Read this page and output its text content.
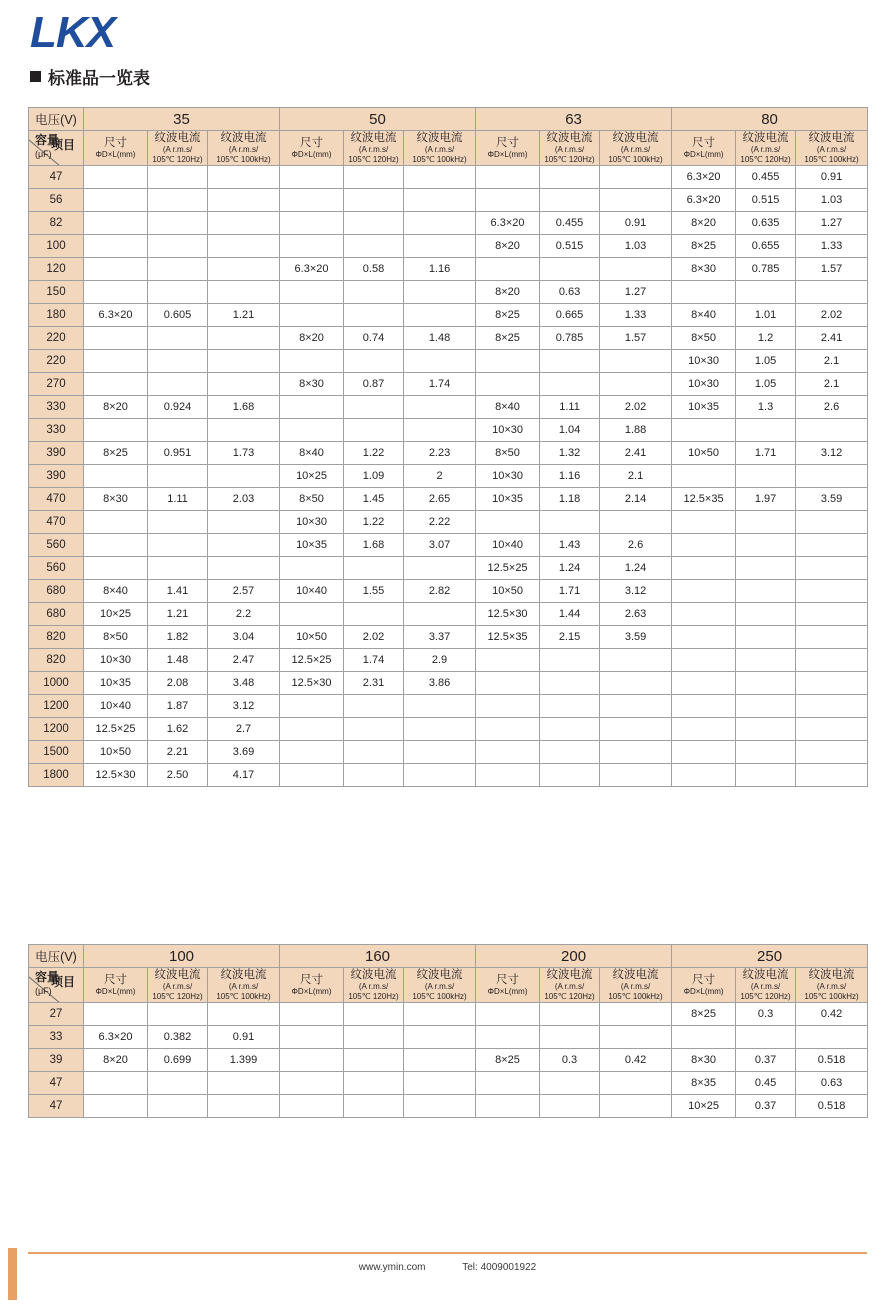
LKX
标准品一览表
电压(V)	35			50			63			80		

项目
容量
(μF)

尺寸
ΦD×L(mm)

纹波电流
(A r.m.s/
105℃ 120Hz)

纹波电流
(A r.m.s/
105℃ 100kHz)

尺寸
ΦD×L(mm)

纹波电流
(A r.m.s/
105℃ 120Hz)

纹波电流
(A r.m.s/
105℃ 100kHz)

尺寸
ΦD×L(mm)

纹波电流
(A r.m.s/
105℃ 120Hz)

纹波电流
(A r.m.s/
105℃ 100kHz)

尺寸
ΦD×L(mm)

纹波电流
(A r.m.s/
105℃ 120Hz)

纹波电流
(A r.m.s/
105℃ 100kHz)

47										6.3×20	0.455	0.91
56										6.3×20	0.515	1.03
82							6.3×20	0.455	0.91	8×20	0.635	1.27
100							8×20	0.515	1.03	8×25	0.655	1.33
120				6.3×20	0.58	1.16				8×30	0.785	1.57
150							8×20	0.63	1.27			
180	6.3×20	0.605	1.21				8×25	0.665	1.33	8×40	1.01	2.02
220				8×20	0.74	1.48	8×25	0.785	1.57	8×50	1.2	2.41
220										10×30	1.05	2.1
270				8×30	0.87	1.74				10×30	1.05	2.1
330	8×20	0.924	1.68				8×40	1.11	2.02	10×35	1.3	2.6
330							10×30	1.04	1.88			
390	8×25	0.951	1.73	8×40	1.22	2.23	8×50	1.32	2.41	10×50	1.71	3.12
390				10×25	1.09	2	10×30	1.16	2.1			
470	8×30	1.11	2.03	8×50	1.45	2.65	10×35	1.18	2.14	12.5×35	1.97	3.59
470				10×30	1.22	2.22						
560				10×35	1.68	3.07	10×40	1.43	2.6			
560							12.5×25	1.24	1.24			
680	8×40	1.41	2.57	10×40	1.55	2.82	10×50	1.71	3.12			
680	10×25	1.21	2.2				12.5×30	1.44	2.63			
820	8×50	1.82	3.04	10×50	2.02	3.37	12.5×35	2.15	3.59			
820	10×30	1.48	2.47	12.5×25	1.74	2.9						
1000	10×35	2.08	3.48	12.5×30	2.31	3.86						
1200	10×40	1.87	3.12									
1200	12.5×25	1.62	2.7									
1500	10×50	2.21	3.69									
1800	12.5×30	2.50	4.17									
电压(V)	100			160			200			250		

项目
容量
(μF)

尺寸
ΦD×L(mm)

纹波电流
(A r.m.s/
105℃ 120Hz)

纹波电流
(A r.m.s/
105℃ 100kHz)

尺寸
ΦD×L(mm)

纹波电流
(A r.m.s/
105℃ 120Hz)

纹波电流
(A r.m.s/
105℃ 100kHz)

尺寸
ΦD×L(mm)

纹波电流
(A r.m.s/
105℃ 120Hz)

纹波电流
(A r.m.s/
105℃ 100kHz)

尺寸
ΦD×L(mm)

纹波电流
(A r.m.s/
105℃ 120Hz)

纹波电流
(A r.m.s/
105℃ 100kHz)

27										8×25	0.3	0.42
33	6.3×20	0.382	0.91									
39	8×20	0.699	1.399				8×25	0.3	0.42	8×30	0.37	0.518
47										8×35	0.45	0.63
47										10×25	0.37	0.518
www.ymin.com	Tel: 4009001922
